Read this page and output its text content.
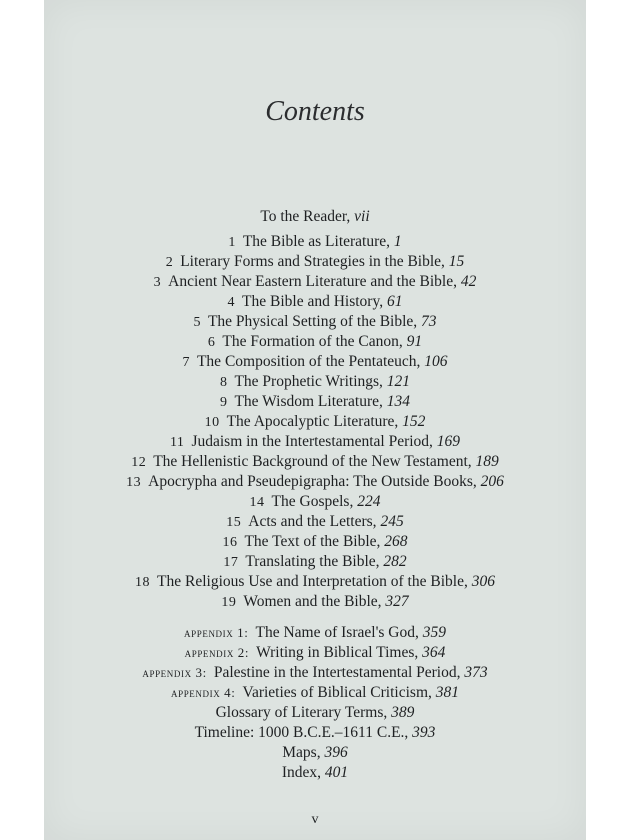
Contents
To the Reader, vii
1 The Bible as Literature, 1
2 Literary Forms and Strategies in the Bible, 15
3 Ancient Near Eastern Literature and the Bible, 42
4 The Bible and History, 61
5 The Physical Setting of the Bible, 73
6 The Formation of the Canon, 91
7 The Composition of the Pentateuch, 106
8 The Prophetic Writings, 121
9 The Wisdom Literature, 134
10 The Apocalyptic Literature, 152
11 Judaism in the Intertestamental Period, 169
12 The Hellenistic Background of the New Testament, 189
13 Apocrypha and Pseudepigrapha: The Outside Books, 206
14 The Gospels, 224
15 Acts and the Letters, 245
16 The Text of the Bible, 268
17 Translating the Bible, 282
18 The Religious Use and Interpretation of the Bible, 306
19 Women and the Bible, 327
appendix 1: The Name of Israel's God, 359
appendix 2: Writing in Biblical Times, 364
appendix 3: Palestine in the Intertestamental Period, 373
appendix 4: Varieties of Biblical Criticism, 381
Glossary of Literary Terms, 389
Timeline: 1000 B.C.E.–1611 C.E., 393
Maps, 396
Index, 401
v
